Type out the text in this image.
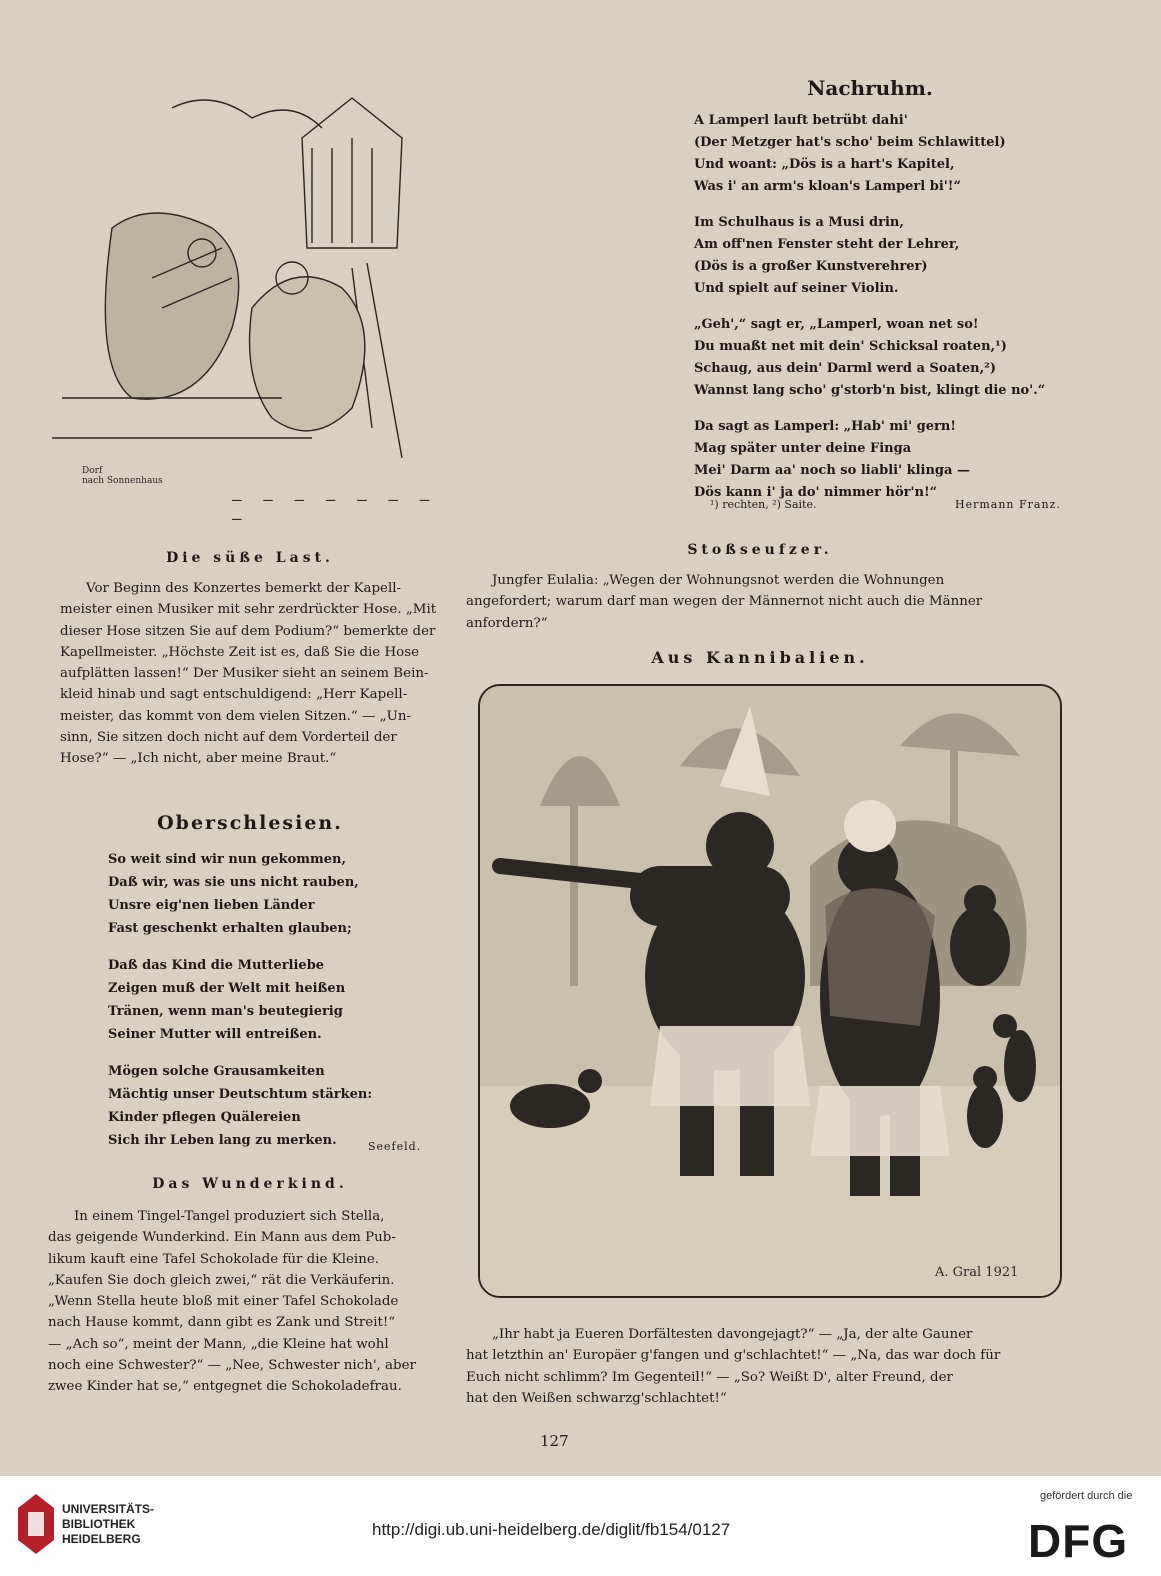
Dorf
nach Sonnenhaus
— — — — — — — —
Nachruhm.
A Lamperl lauft betrübt dahi'
(Der Metzger hat's scho' beim Schlawittel)
Und woant: „Dös is a hart's Kapitel,
Was i' an arm's kloan's Lamperl bi'!“
Im Schulhaus is a Musi drin,
Am off'nen Fenster steht der Lehrer,
(Dös is a großer Kunstverehrer)
Und spielt auf seiner Violin.
„Geh',“ sagt er, „Lamperl, woan net so!
Du muaßt net mit dein' Schicksal roaten,¹)
Schaug, aus dein' Darml werd a Soaten,²)
Wannst lang scho' g'storb'n bist, klingt die no'.“
Da sagt as Lamperl: „Hab' mi' gern!
Mag später unter deine Finga
Mei' Darm aa' noch so liabli' klinga —
Dös kann i' ja do' nimmer hör'n!“
¹) rechten, ²) Saite.	Hermann Franz.
Die süße Last.
Vor Beginn des Konzertes bemerkt der Kapell-
meister einen Musiker mit sehr zerdrückter Hose. „Mit
dieser Hose sitzen Sie auf dem Podium?“ bemerkte der
Kapellmeister. „Höchste Zeit ist es, daß Sie die Hose
aufplätten lassen!“ Der Musiker sieht an seinem Bein-
kleid hinab und sagt entschuldigend: „Herr Kapell-
meister, das kommt von dem vielen Sitzen.“ — „Un-
sinn, Sie sitzen doch nicht auf dem Vorderteil der
Hose?“ — „Ich nicht, aber meine Braut.“
Oberschlesien.
So weit sind wir nun gekommen,
Daß wir, was sie uns nicht rauben,
Unsre eig'nen lieben Länder
Fast geschenkt erhalten glauben;
Daß das Kind die Mutterliebe
Zeigen muß der Welt mit heißen
Tränen, wenn man's beutegierig
Seiner Mutter will entreißen.
Mögen solche Grausamkeiten
Mächtig unser Deutschtum stärken:
Kinder pflegen Quälereien
Sich ihr Leben lang zu merken.	Seefeld.
Das Wunderkind.
In einem Tingel-Tangel produziert sich Stella,
das geigende Wunderkind. Ein Mann aus dem Pub-
likum kauft eine Tafel Schokolade für die Kleine.
„Kaufen Sie doch gleich zwei,“ rät die Verkäuferin.
„Wenn Stella heute bloß mit einer Tafel Schokolade
nach Hause kommt, dann gibt es Zank und Streit!“
— „Ach so“, meint der Mann, „die Kleine hat wohl
noch eine Schwester?“ — „Nee, Schwester nich', aber
zwee Kinder hat se,“ entgegnet die Schokoladefrau.
Stoßseufzer.
Jungfer Eulalia: „Wegen der Wohnungsnot werden die Wohnungen
angefordert; warum darf man wegen der Männernot nicht auch die Männer
anfordern?“
Aus Kannibalien.
A. Gral 1921
„Ihr habt ja Eueren Dorfältesten davongejagt?“ — „Ja, der alte Gauner
hat letzthin an' Europäer g'fangen und g'schlachtet!“ — „Na, das war doch für
Euch nicht schlimm? Im Gegenteil!“ — „So? Weißt D', alter Freund, der
hat den Weißen schwarzg'schlachtet!“
127
UNIVERSITÄTS-
BIBLIOTHEK
HEIDELBERG	http://digi.ub.uni-heidelberg.de/diglit/fb154/0127
gefördert durch die
DFG
